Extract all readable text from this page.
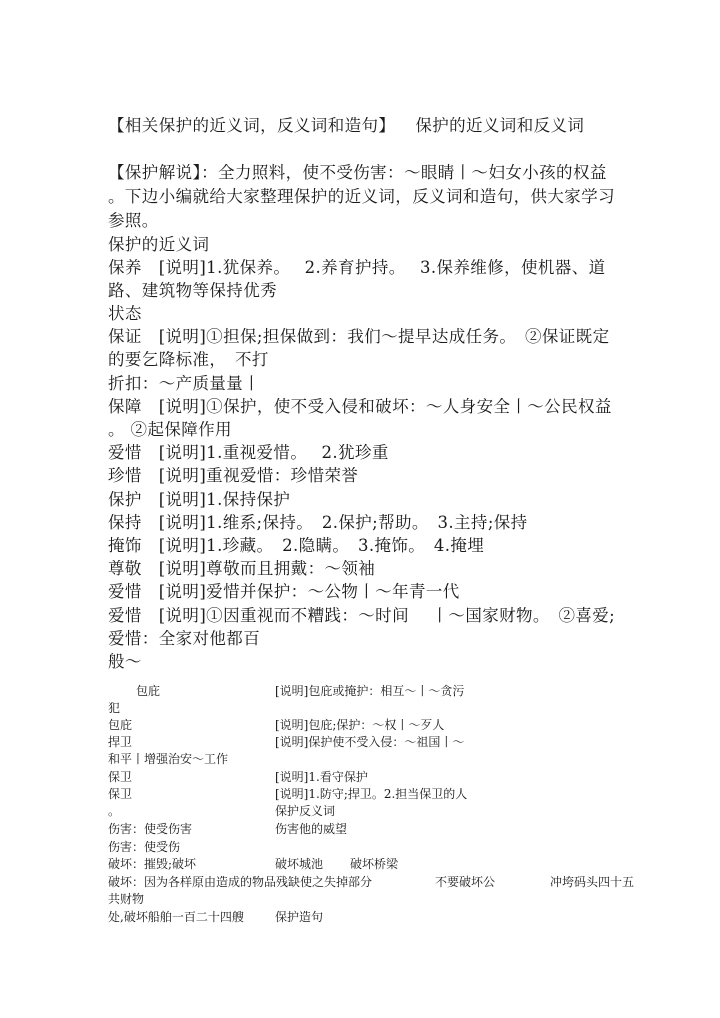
【相关保护的近义词，反义词和造句】 保护的近义词和反义词
【保护解说】：全力照料，使不受伤害：～眼睛丨～妇女小孩的权益
。下边小编就给大家整理保护的近义词，反义词和造句，供大家学习
参照。
保护的近义词
保养　[说明]1.犹保养。　 2.养育护持。　 3.保养维修，使机器、道
路、建筑物等保持优秀
状态
保证　[说明]①担保;担保做到：我们～提早达成任务。　②保证既定
的要乞降标准，　不打
折扣：～产质量量丨
保障　[说明]①保护，使不受入侵和破坏：～人身安全丨～公民权益
。 ②起保障作用
爱惜　[说明]1.重视爱惜。　 2.犹珍重
珍惜　[说明]重视爱惜：珍惜荣誉
保护　[说明]1.保持保护
保持　[说明]1.维系;保持。　2.保护;帮助。　3.主持;保持
掩饰　[说明]1.珍藏。　2.隐瞒。　3.掩饰。　4.掩埋
尊敬　[说明]尊敬而且拥戴：～领袖
爱惜　[说明]爱惜并保护：～公物丨～年青一代
爱惜　[说明]①因重视而不糟践：～时间　 丨～国家财物。　②喜爱;
爱惜：全家对他都百
般～
包庇	[说明]包庇或掩护：相互～丨～贪污
犯
包庇	[说明]包庇;保护：～权丨～歹人
捍卫	[说明]保护使不受入侵：～祖国丨～
和平丨增强治安～工作
保卫	[说明]1.看守保护
保卫	[说明]1.防守;捍卫。2.担当保卫的人
。	保护反义词
伤害：使受伤害	伤害他的威望
伤害：使受伤
破坏：摧毁;破坏	破坏城池 破坏桥梁
破坏：因为各样原由造成的物品残缺使之失掉部分	不要破坏公	冲垮码头四十五
共财物
处,破坏船舶一百二十四艘	保护造句
